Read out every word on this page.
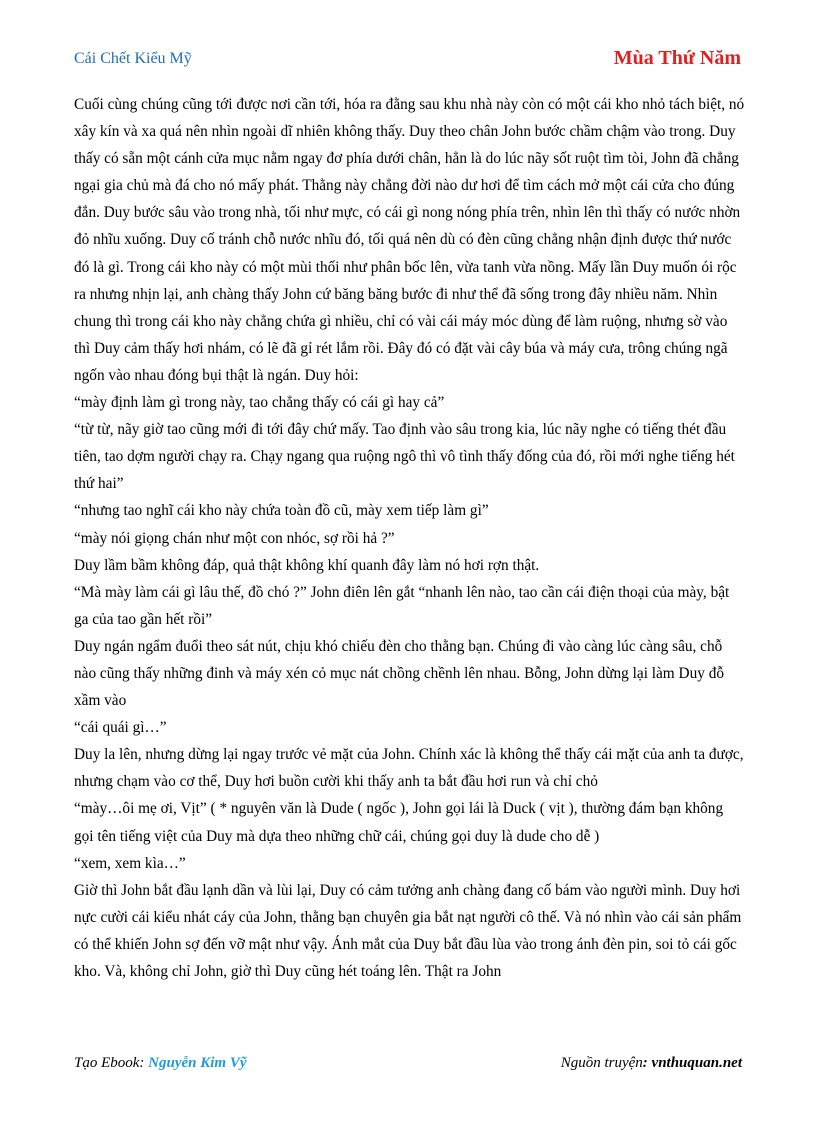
Cái Chết Kiểu Mỹ	Mùa Thứ Năm

Cuối cùng chúng cũng tới được nơi cần tới, hóa ra đằng sau khu nhà này còn có một cái kho nhỏ tách biệt, nó xây kín và xa quá nên nhìn ngoài dĩ nhiên không thấy. Duy theo chân John bước chầm chậm vào trong. Duy thấy có sẵn một cánh cửa mục nằm ngay đơ phía dưới chân, hẳn là do lúc nãy sốt ruột tìm tòi, John đã chẳng ngại gia chủ mà đá cho nó mấy phát. Thằng này chẳng đời nào dư hơi để tìm cách mở một cái cửa cho đúng đắn. Duy bước sâu vào trong nhà, tối như mực, có cái gì nong nóng phía trên, nhìn lên thì thấy có nước nhờn đỏ nhĩu xuống. Duy cố tránh chỗ nước nhĩu đó, tối quá nên dù có đèn cũng chẳng nhận định được thứ nước đó là gì. Trong cái kho này có một mùi thối như phân bốc lên, vừa tanh vừa nồng. Mấy lần Duy muốn ói rộc ra nhưng nhịn lại, anh chàng thấy John cứ băng băng bước đi như thể đã sống trong đây nhiều năm. Nhìn chung thì trong cái kho này chẳng chứa gì nhiều, chỉ có vài cái máy móc dùng để làm ruộng, nhưng sờ vào thì Duy cảm thấy hơi nhám, có lẽ đã gỉ rét lắm rồi. Đây đó có đặt vài cây búa và máy cưa, trông chúng ngã ngốn vào nhau đóng bụi thật là ngán. Duy hỏi:

“mày định làm gì trong này, tao chẳng thấy có cái gì hay cả”

“từ từ, nãy giờ tao cũng mới đi tới đây chứ mấy. Tao định vào sâu trong kia, lúc nãy nghe có tiếng thét đầu tiên, tao dợm người chạy ra. Chạy ngang qua ruộng ngô thì vô tình thấy đống của đó, rồi mới nghe tiếng hét thứ hai”

“nhưng tao nghĩ cái kho này chứa toàn đồ cũ, mày xem tiếp làm gì”

“mày nói giọng chán như một con nhóc, sợ rồi hả ?”

Duy lầm bầm không đáp, quả thật không khí quanh đây làm nó hơi rợn thật.

“Mà mày làm cái gì lâu thế, đồ chó ?” John điên lên gắt “nhanh lên nào, tao cần cái điện thoại của mày, bật ga của tao gần hết rồi”

Duy ngán ngẩm đuổi theo sát nút, chịu khó chiếu đèn cho thằng bạn. Chúng đi vào càng lúc càng sâu, chỗ nào cũng thấy những đinh và máy xén cỏ mục nát chồng chềnh lên nhau. Bỗng, John dừng lại làm Duy đỗ xầm vào

“cái quái gì…”

Duy la lên, nhưng dừng lại ngay trước vẻ mặt của John. Chính xác là không thể thấy cái mặt của anh ta được, nhưng chạm vào cơ thể, Duy hơi buồn cười khi thấy anh ta bắt đầu hơi run và chỉ chỏ

“mày…ôi mẹ ơi, Vịt” ( * nguyên văn là Dude ( ngốc ), John gọi lái là Duck ( vịt ), thường đám bạn không gọi tên tiếng việt của Duy mà dựa theo những chữ cái, chúng gọi duy là dude cho dễ )

“xem, xem kìa…”

Giờ thì John bắt đầu lạnh dần và lùi lại, Duy có cảm tưởng anh chàng đang cố bám vào người mình. Duy hơi nực cười cái kiểu nhát cáy của John, thằng bạn chuyên gia bắt nạt người cô thế. Và nó nhìn vào cái sản phẩm có thể khiến John sợ đến vỡ mật như vậy. Ánh mắt của Duy bắt đầu lùa vào trong ánh đèn pin, soi tỏ cái gốc kho. Và, không chỉ John, giờ thì Duy cũng hét toáng lên. Thật ra John

Tạo Ebook: Nguyễn Kim Vỹ	Nguồn truyện: vnthuquan.net
